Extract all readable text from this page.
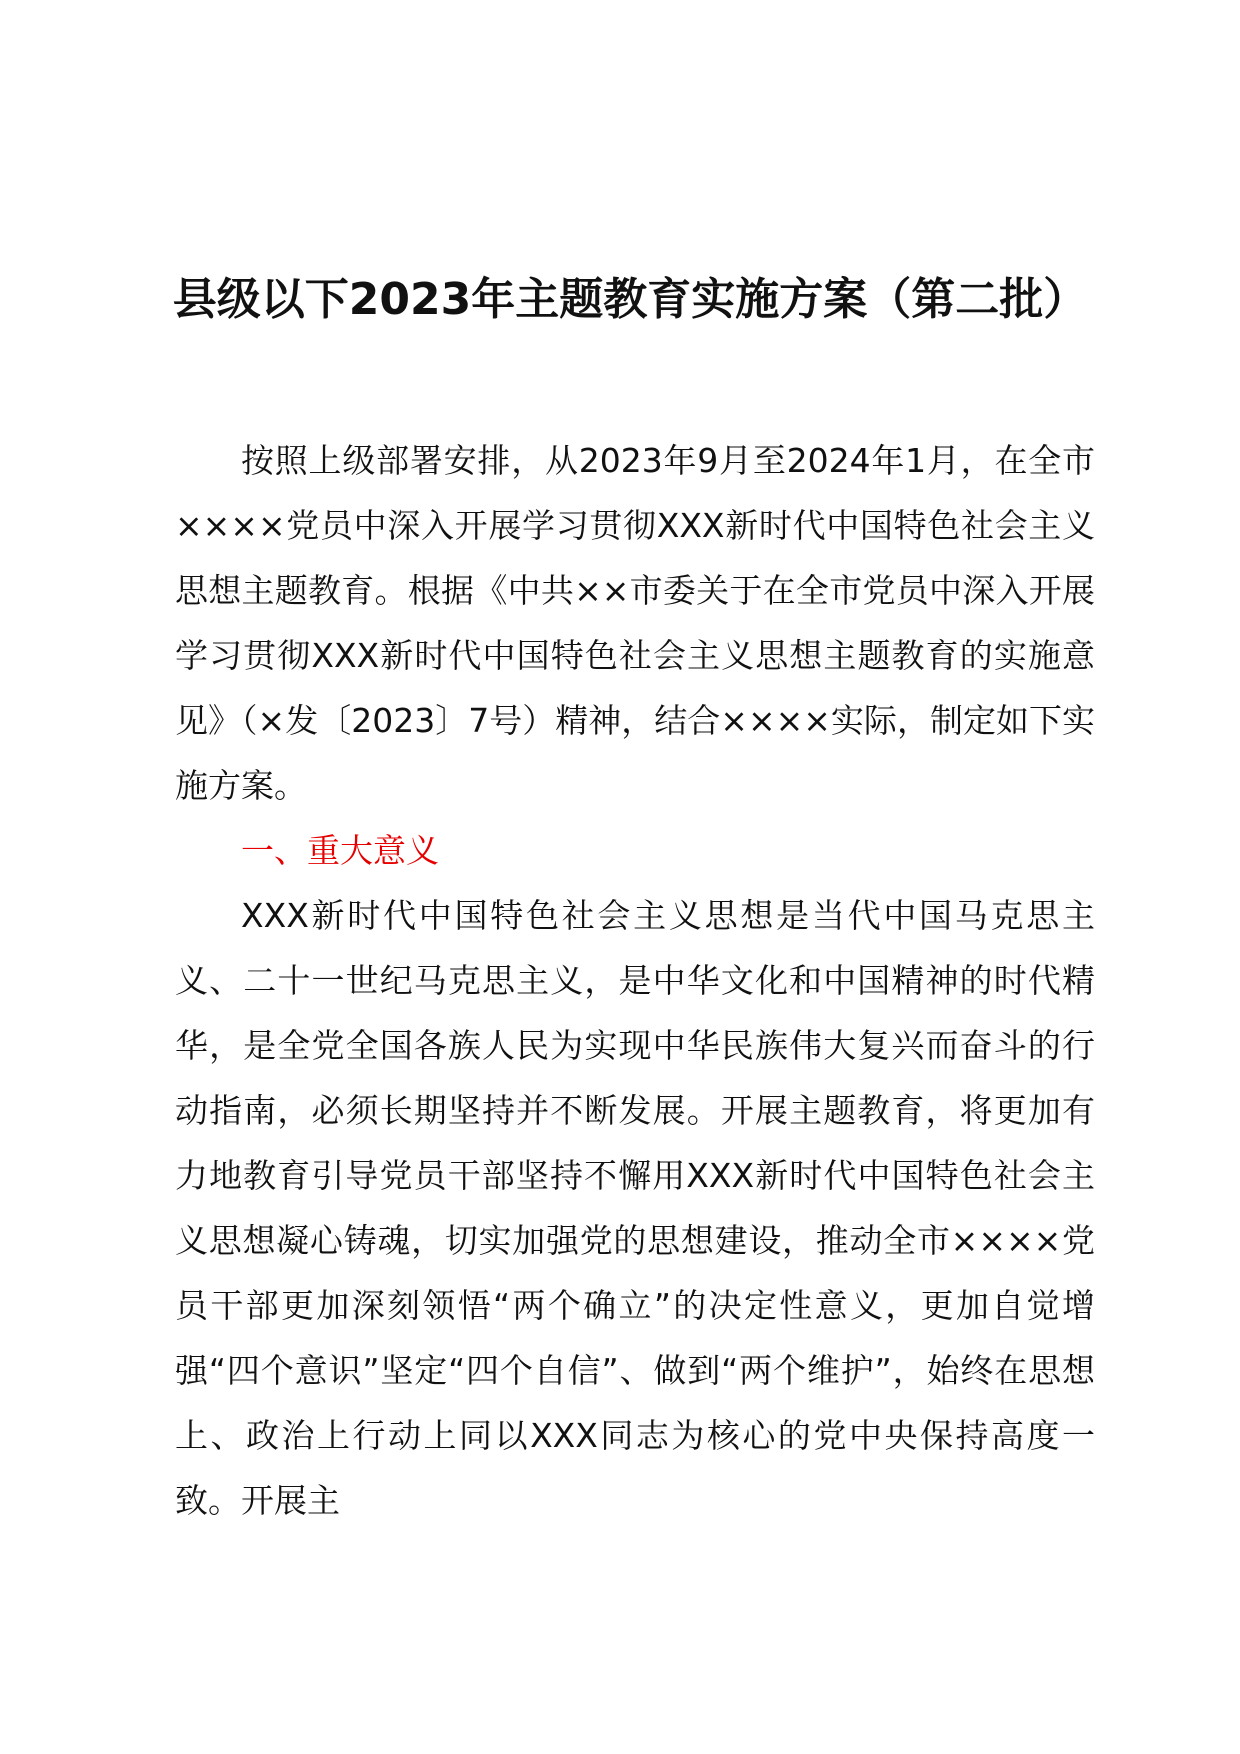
县级以下2023年主题教育实施方案（第二批）

按照上级部署安排，从2023年9月至2024年1月，在全市××××党员中深入开展学习贯彻XXX新时代中国特色社会主义思想主题教育。根据《中共××市委关于在全市党员中深入开展学习贯彻XXX新时代中国特色社会主义思想主题教育的实施意见》（×发〔2023〕7号）精神，结合××××实际，制定如下实施方案。

一、重大意义

XXX新时代中国特色社会主义思想是当代中国马克思主义、二十一世纪马克思主义，是中华文化和中国精神的时代精华，是全党全国各族人民为实现中华民族伟大复兴而奋斗的行动指南，必须长期坚持并不断发展。开展主题教育，将更加有力地教育引导党员干部坚持不懈用XXX新时代中国特色社会主义思想凝心铸魂，切实加强党的思想建设，推动全市××××党员干部更加深刻领悟“两个确立”的决定性意义，更加自觉增强“四个意识”坚定“四个自信”、做到“两个维护”，始终在思想上、政治上行动上同以XXX同志为核心的党中央保持高度一致。开展主
